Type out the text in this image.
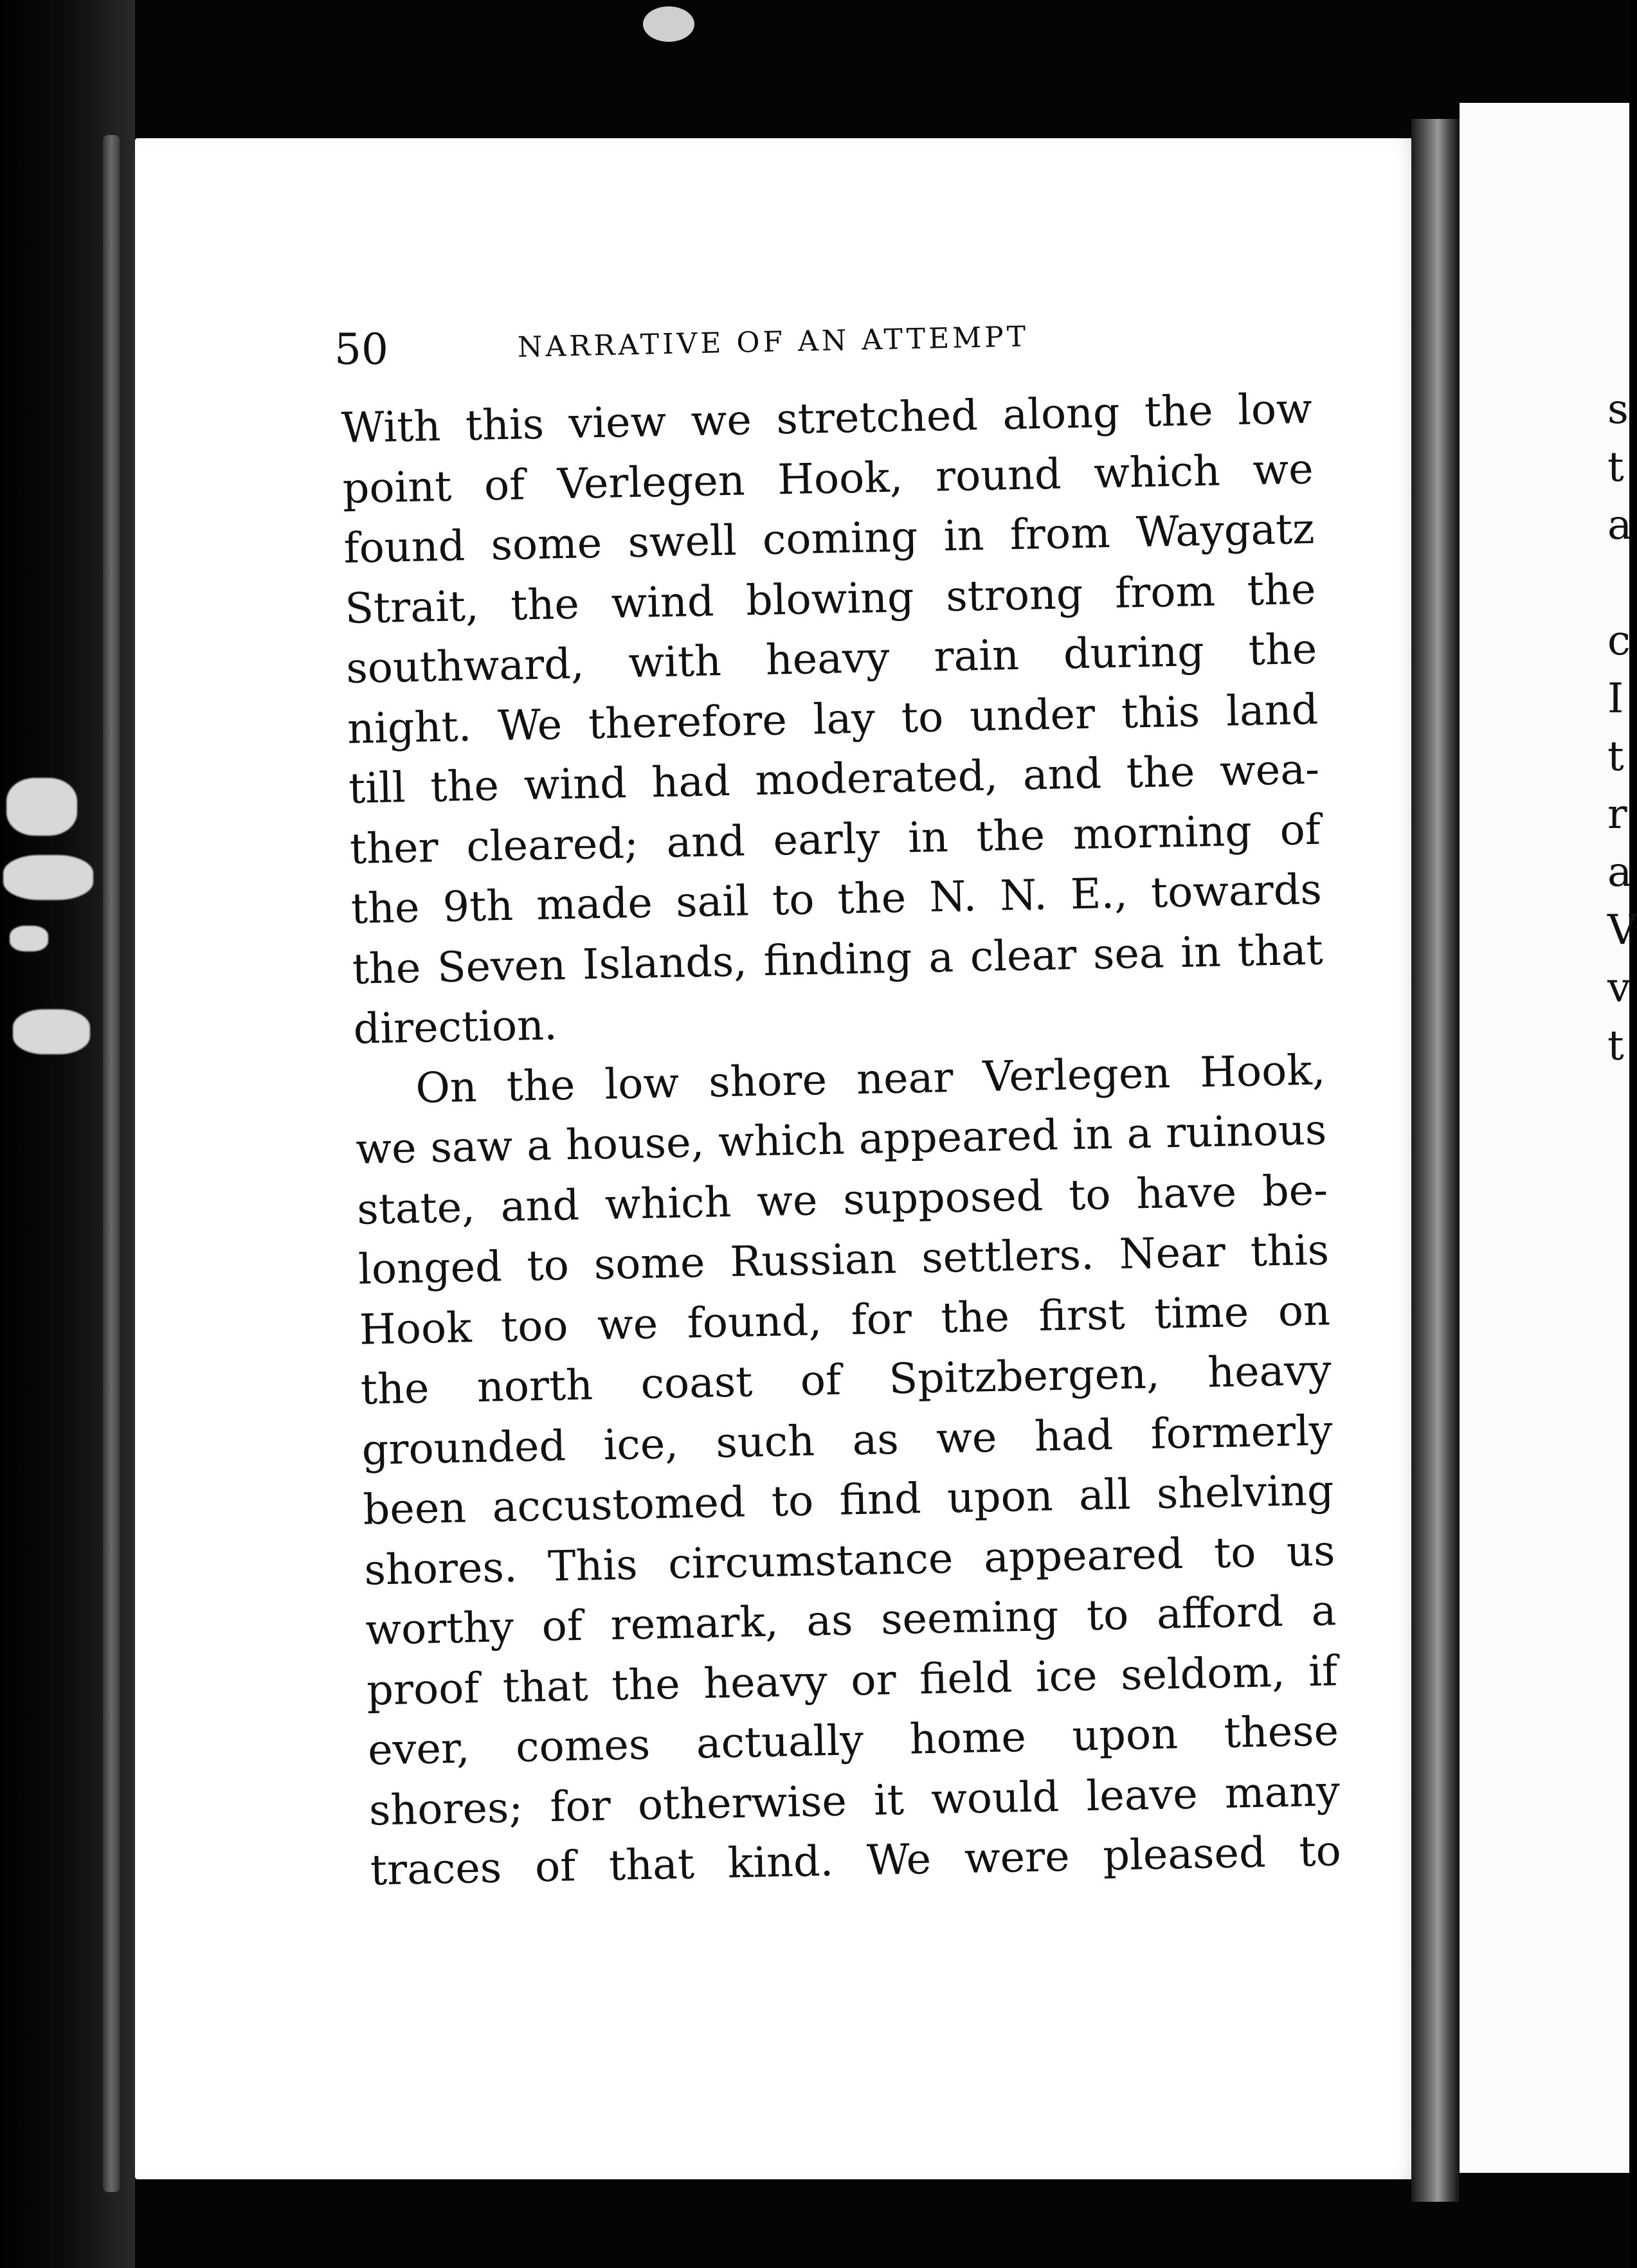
s
t
a
c
I
t
r
a
V
v
t
50	NARRATIVE OF AN ATTEMPT
With this view we stretched along the low
point of Verlegen Hook, round which we
found some swell coming in from Waygatz
Strait, the wind blowing strong from the
southward, with heavy rain during the
night. We therefore lay to under this land
till the wind had moderated, and the wea-
ther cleared; and early in the morning of
the 9th made sail to the N. N. E., towards
the Seven Islands, finding a clear sea in that
direction.
On the low shore near Verlegen Hook,
we saw a house, which appeared in a ruinous
state, and which we supposed to have be-
longed to some Russian settlers. Near this
Hook too we found, for the first time on
the north coast of Spitzbergen, heavy
grounded ice, such as we had formerly
been accustomed to find upon all shelving
shores. This circumstance appeared to us
worthy of remark, as seeming to afford a
proof that the heavy or field ice seldom, if
ever, comes actually home upon these
shores; for otherwise it would leave many
traces of that kind. We were pleased to
